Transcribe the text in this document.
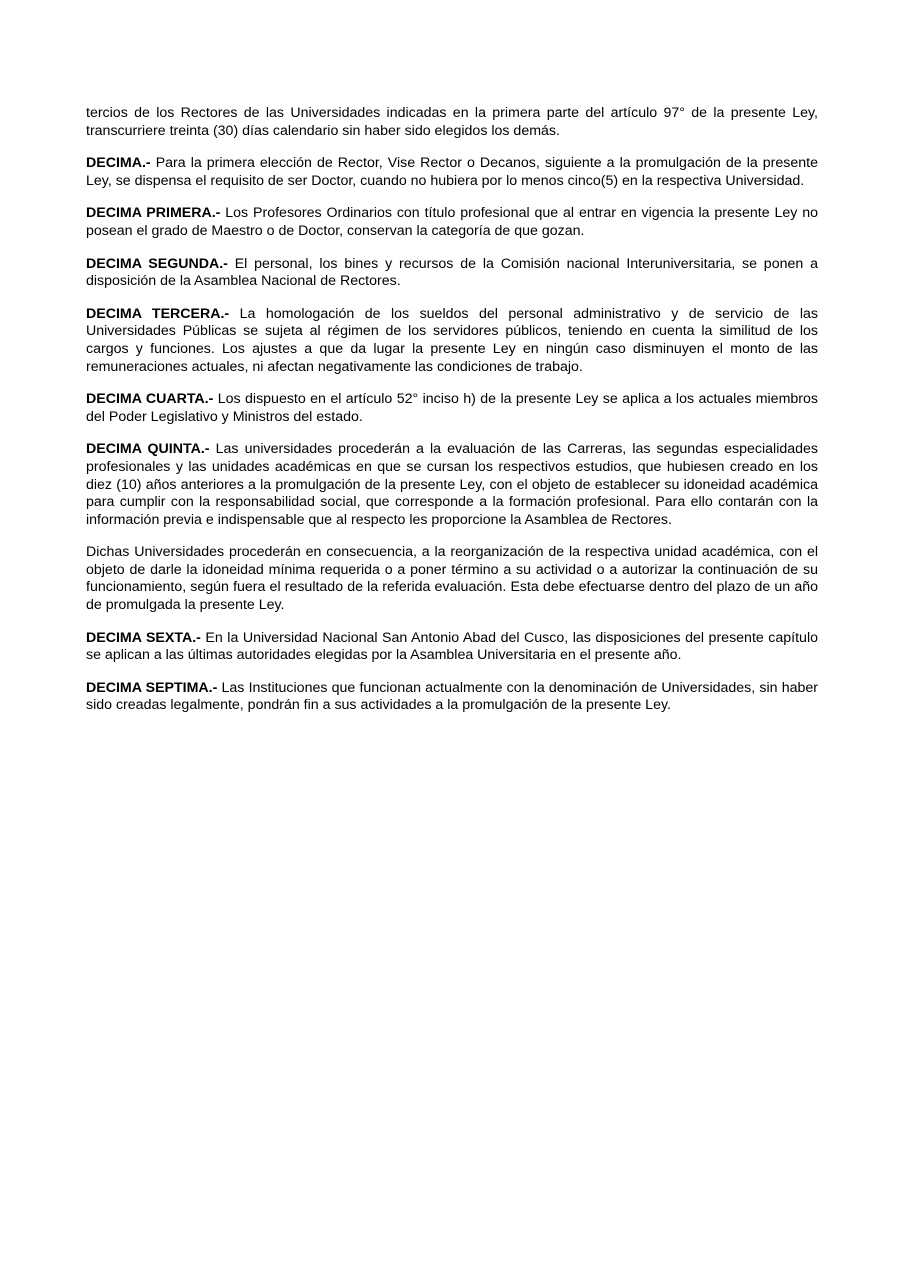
tercios de los Rectores de las Universidades indicadas en la primera parte del artículo 97° de la presente Ley, transcurriere treinta (30) días calendario sin haber sido elegidos los demás.

DECIMA.- Para la primera elección de Rector, Vise Rector o Decanos, siguiente a la promulgación de la presente Ley, se dispensa el requisito de ser Doctor, cuando no hubiera por lo menos cinco(5) en la respectiva Universidad.

DECIMA PRIMERA.- Los Profesores Ordinarios con título profesional que al entrar en vigencia la presente Ley no posean el grado de Maestro o de Doctor, conservan la categoría de que gozan.

DECIMA SEGUNDA.- El personal, los bines y recursos de la Comisión nacional Interuniversitaria, se ponen a disposición de la Asamblea Nacional de Rectores.

DECIMA TERCERA.- La homologación de los sueldos del personal administrativo y de servicio de las Universidades Públicas se sujeta al régimen de los servidores públicos, teniendo en cuenta la similitud de los cargos y funciones. Los ajustes a que da lugar la presente Ley en ningún caso disminuyen el monto de las remuneraciones actuales, ni afectan negativamente las condiciones de trabajo.

DECIMA CUARTA.- Los dispuesto en el artículo 52° inciso h) de la presente Ley se aplica a los actuales miembros del Poder Legislativo y Ministros del estado.

DECIMA QUINTA.- Las universidades procederán a la evaluación de las Carreras, las segundas especialidades profesionales y las unidades académicas en que se cursan los respectivos estudios, que hubiesen creado en los diez (10) años anteriores a la promulgación de la presente Ley, con el objeto de establecer su idoneidad académica para cumplir con la responsabilidad social, que corresponde a la formación profesional. Para ello contarán con la información previa e indispensable que al respecto les proporcione la Asamblea de Rectores.

Dichas Universidades procederán en consecuencia, a la reorganización de la respectiva unidad académica, con el objeto de darle la idoneidad mínima requerida o a poner término a su actividad o a autorizar la continuación de su funcionamiento, según fuera el resultado de la referida evaluación. Esta debe efectuarse dentro del plazo de un año de promulgada la presente Ley.

DECIMA SEXTA.- En la Universidad Nacional San Antonio Abad del Cusco, las disposiciones del presente capítulo se aplican a las últimas autoridades elegidas por la Asamblea Universitaria en el presente año.

DECIMA SEPTIMA.- Las Instituciones que funcionan actualmente con la denominación de Universidades, sin haber sido creadas legalmente, pondrán fin a sus actividades a la promulgación de la presente Ley.
